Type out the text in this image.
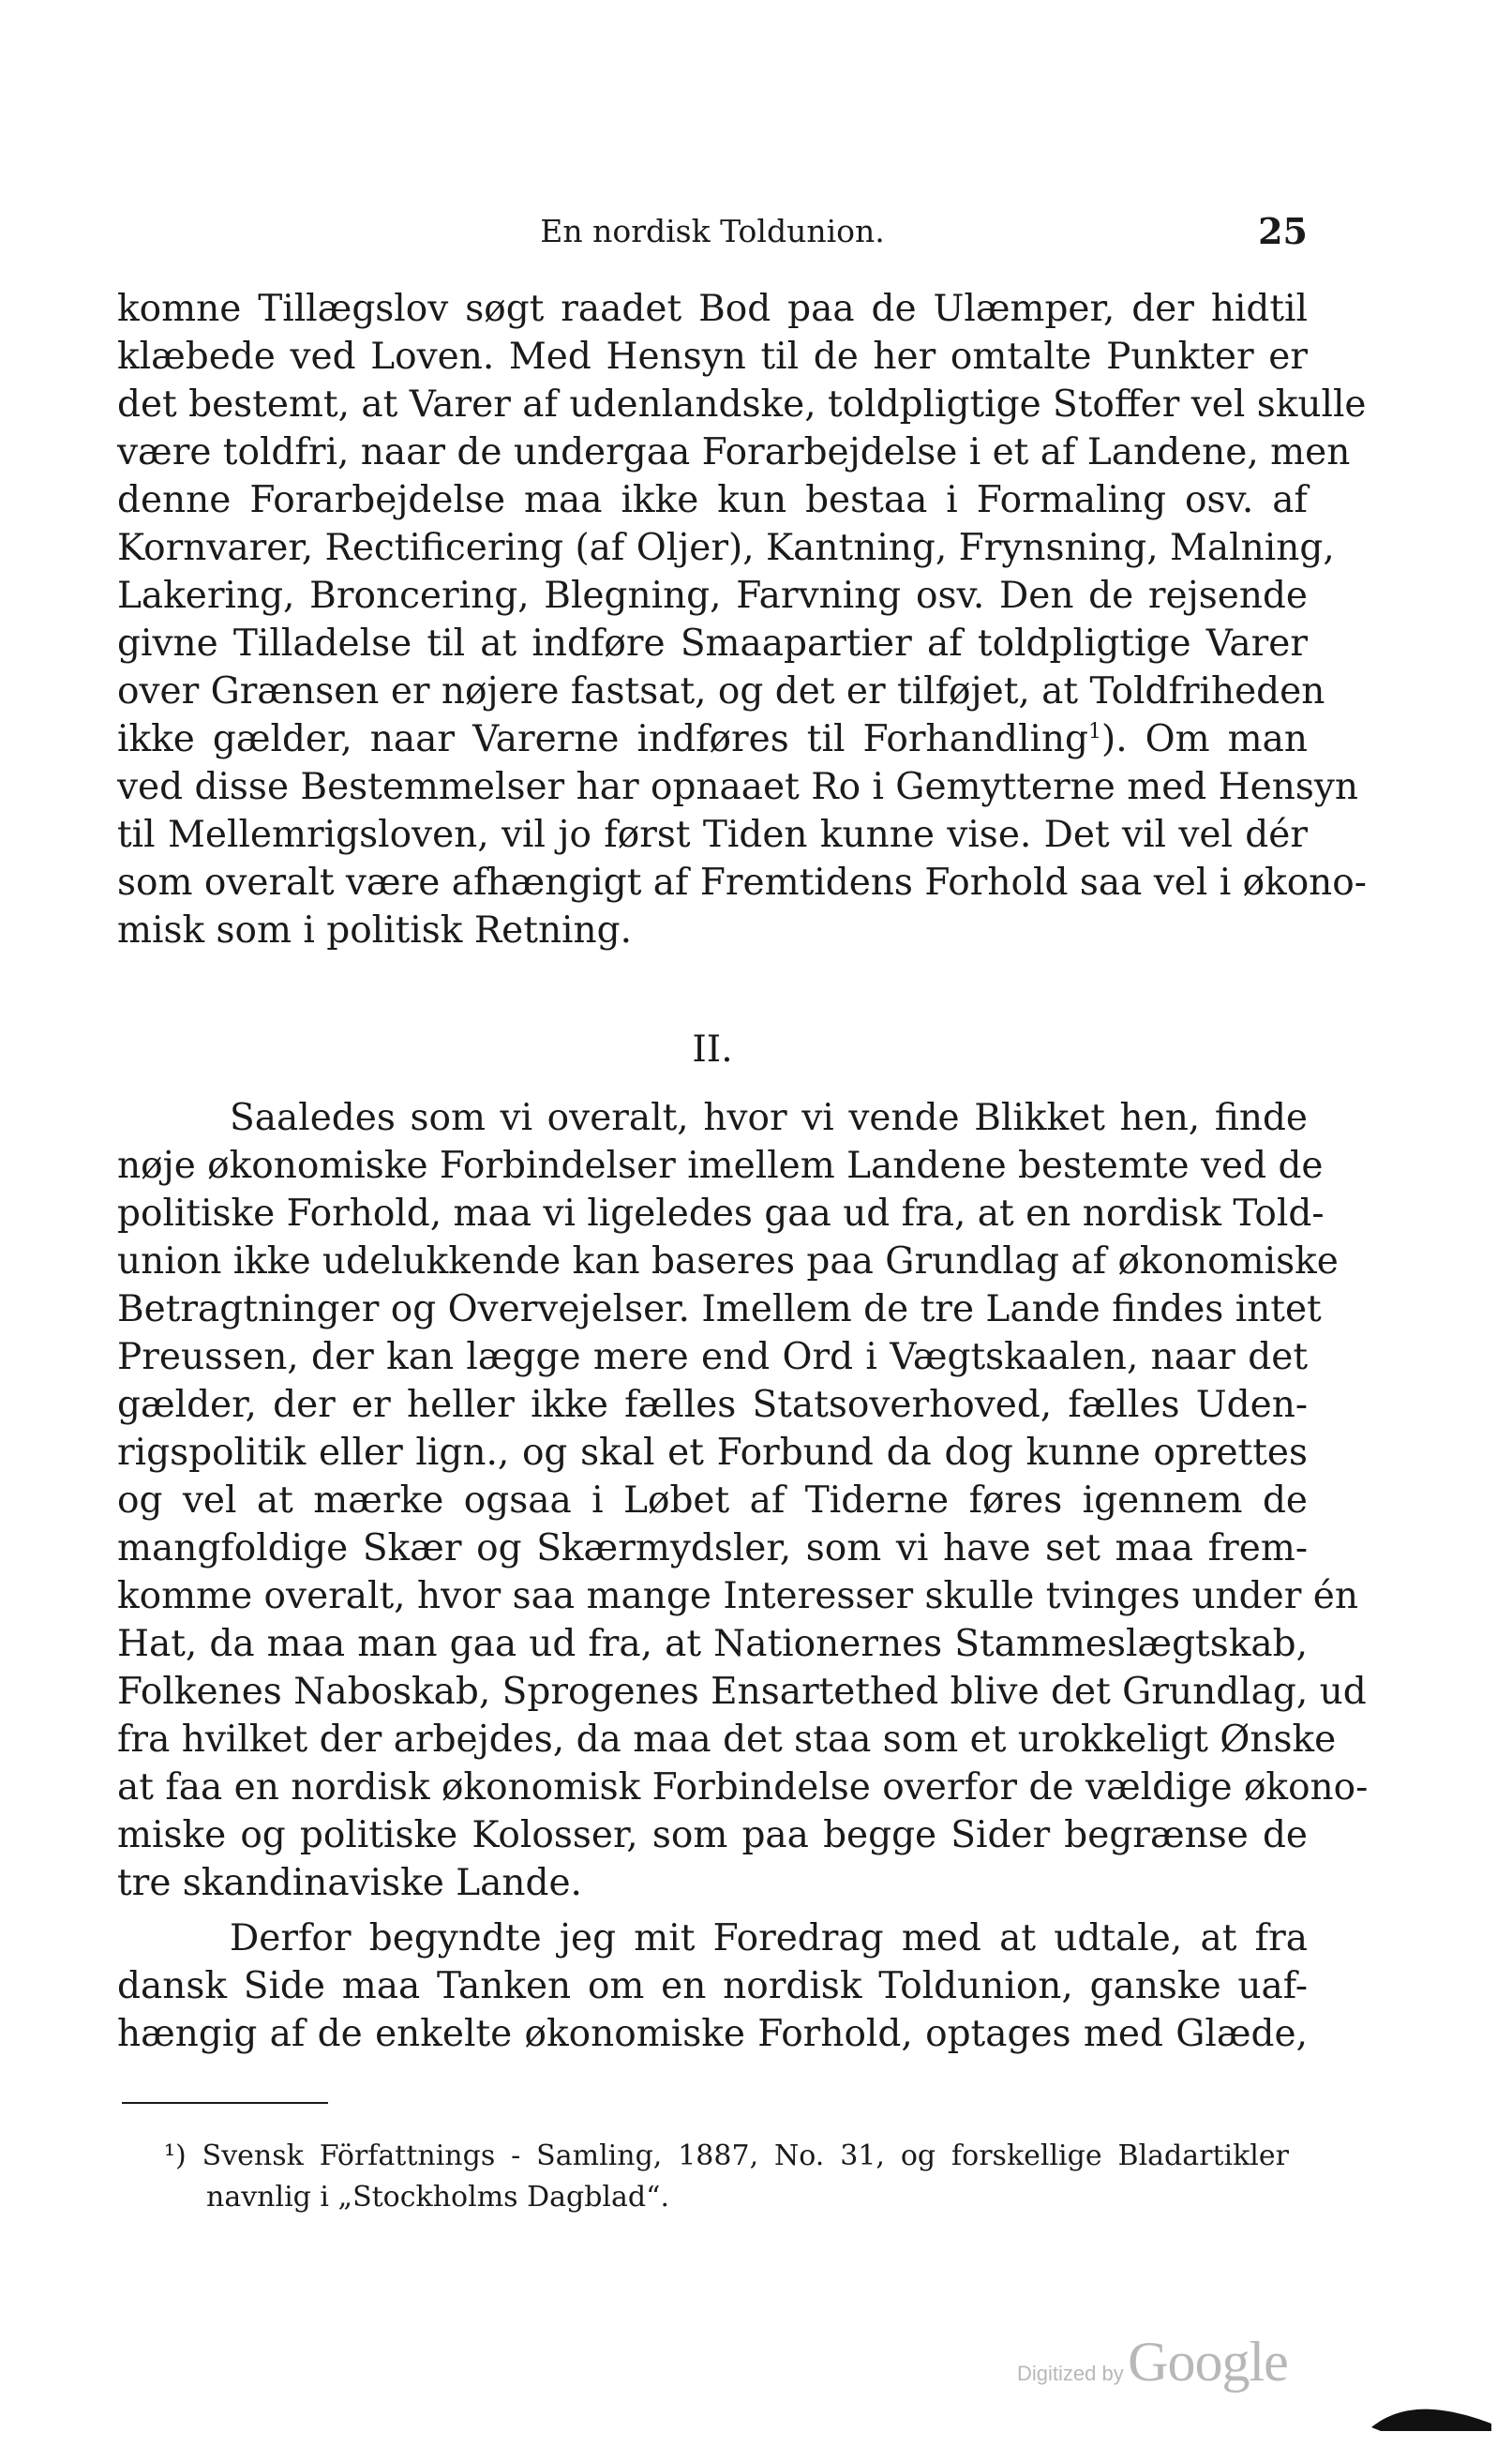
En nordisk Toldunion.	25
komne Tillægslov søgt raadet Bod paa de Ulæmper, der hidtil
klæbede ved Loven. Med Hensyn til de her omtalte Punkter er
det bestemt, at Varer af udenlandske, toldpligtige Stoffer vel skulle
være toldfri, naar de undergaa Forarbejdelse i et af Landene, men
denne Forarbejdelse maa ikke kun bestaa i Formaling osv. af
Kornvarer, Rectificering (af Oljer), Kantning, Frynsning, Malning,
Lakering, Broncering, Blegning, Farvning osv. Den de rejsende
givne Tilladelse til at indføre Smaapartier af toldpligtige Varer
over Grænsen er nøjere fastsat, og det er tilføjet, at Toldfriheden
ikke gælder, naar Varerne indføres til Forhandling$^1$). Om man
ved disse Bestemmelser har opnaaet Ro i Gemytterne med Hensyn
til Mellemrigsloven, vil jo først Tiden kunne vise. Det vil vel dér
som overalt være afhængigt af Fremtidens Forhold saa vel i økono-
misk som i politisk Retning.
II.
Saaledes som vi overalt, hvor vi vende Blikket hen, finde
nøje økonomiske Forbindelser imellem Landene bestemte ved de
politiske Forhold, maa vi ligeledes gaa ud fra, at en nordisk Told-
union ikke udelukkende kan baseres paa Grundlag af økonomiske
Betragtninger og Overvejelser. Imellem de tre Lande findes intet
Preussen, der kan lægge mere end Ord i Vægtskaalen, naar det
gælder, der er heller ikke fælles Statsoverhoved, fælles Uden-
rigspolitik eller lign., og skal et Forbund da dog kunne oprettes
og vel at mærke ogsaa i Løbet af Tiderne føres igennem de
mangfoldige Skær og Skærmydsler, som vi have set maa frem-
komme overalt, hvor saa mange Interesser skulle tvinges under én
Hat, da maa man gaa ud fra, at Nationernes Stammeslægtskab,
Folkenes Naboskab, Sprogenes Ensartethed blive det Grundlag, ud
fra hvilket der arbejdes, da maa det staa som et urokkeligt Ønske
at faa en nordisk økonomisk Forbindelse overfor de vældige økono-
miske og politiske Kolosser, som paa begge Sider begrænse de
tre skandinaviske Lande.
Derfor begyndte jeg mit Foredrag med at udtale, at fra
dansk Side maa Tanken om en nordisk Toldunion, ganske uaf-
hængig af de enkelte økonomiske Forhold, optages med Glæde,
¹) Svensk Författnings - Samling, 1887, No. 31, og forskellige Bladartikler
navnlig i „Stockholms Dagblad“.
Digitized by Google
